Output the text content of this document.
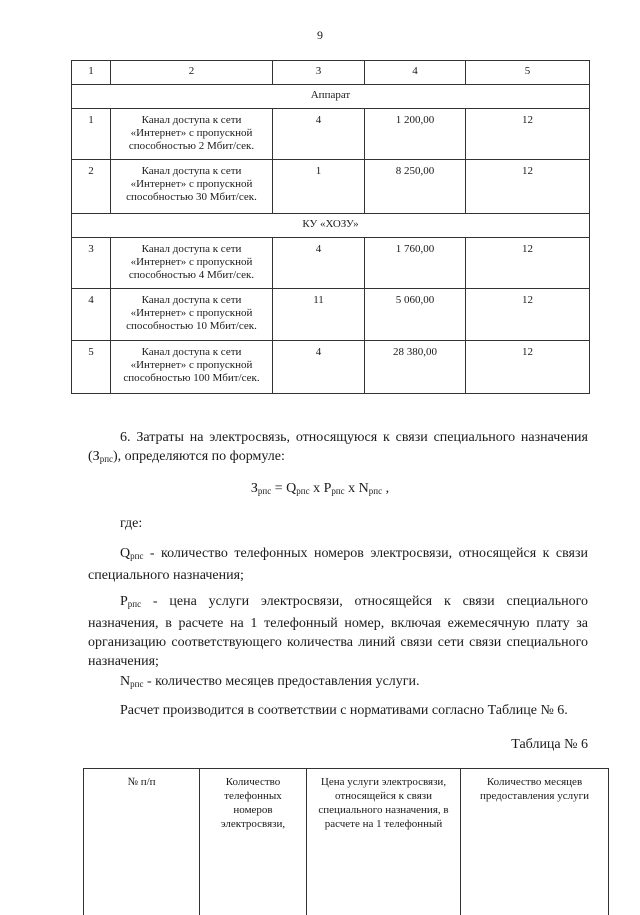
9
1	2	3	4	5
Аппарат				
1	Канал доступа к сети «Интернет» с пропускной способностью 2 Мбит/сек.	4	1 200,00	12
2	Канал доступа к сети «Интернет» с пропускной способностью 30 Мбит/сек.	1	8 250,00	12
КУ «ХОЗУ»				
3	Канал доступа к сети «Интернет» с пропускной способностью 4 Мбит/сек.	4	1 760,00	12
4	Канал доступа к сети «Интернет» с пропускной способностью 10 Мбит/сек.	11	5 060,00	12
5	Канал доступа к сети «Интернет» с пропускной способностью 100 Мбит/сек.	4	28 380,00	12
6. Затраты на электросвязь, относящуюся к связи специального назначения $(З_{рпс})$, определяются по формуле:
$З_{рпс} = Q_{рпс}$ x $P_{рпс}$ x $N_{рпс}$ ,
где:
$Q_{рпс}$ - количество телефонных номеров электросвязи, относящейся к связи специального назначения;
$P_{рпс}$ - цена услуги электросвязи, относящейся к связи специального назначения, в расчете на 1 телефонный номер, включая ежемесячную плату за организацию соответствующего количества линий связи сети связи специального назначения;
$N_{рпс}$ - количество месяцев предоставления услуги.
Расчет производится в соответствии с нормативами согласно Таблице № 6.
Таблица № 6
№ п/п	Количество телефонных номеров электросвязи,	Цена услуги электросвязи, относящейся к связи специального назначения, в расчете на 1 телефонный	Количество месяцев предоставления услуги
